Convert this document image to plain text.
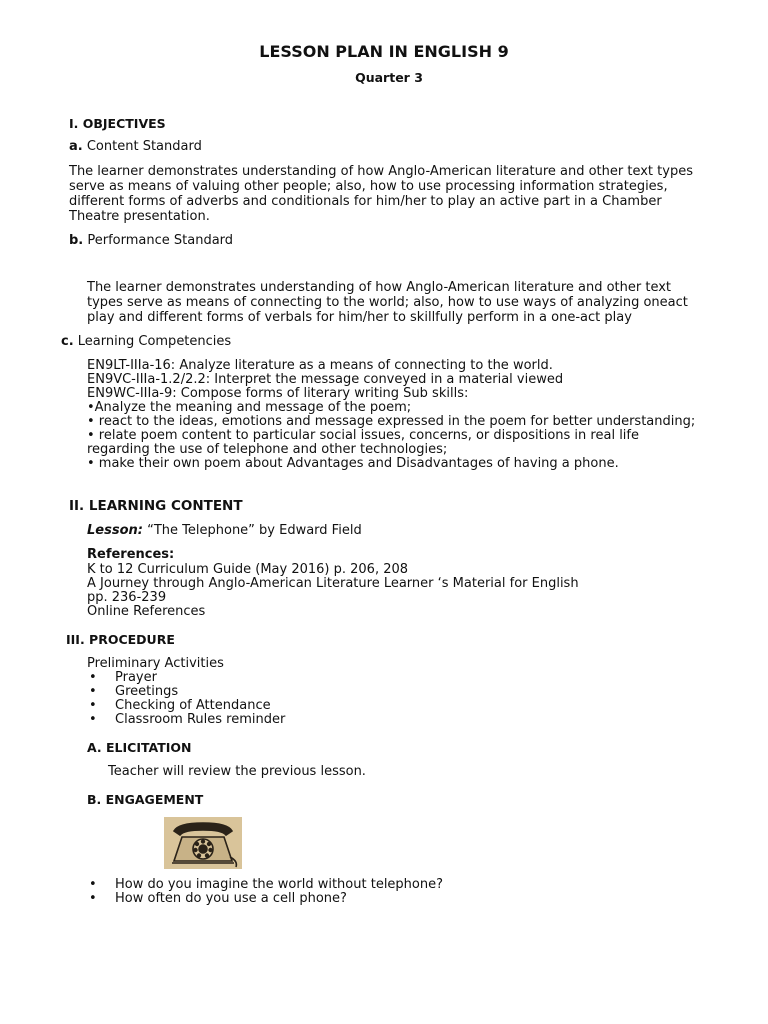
LESSON PLAN IN ENGLISH 9
Quarter 3
I. OBJECTIVES
a. Content Standard
The learner demonstrates understanding of how Anglo-American literature and other text types
serve as means of valuing other people; also, how to use processing information strategies,
different forms of adverbs and conditionals for him/her to play an active part in a Chamber
Theatre presentation.
b. Performance Standard
The learner demonstrates understanding of how Anglo-American literature and other text
types serve as means of connecting to the world; also, how to use ways of analyzing oneact
play and different forms of verbals for him/her to skillfully perform in a one-act play
c. Learning Competencies
EN9LT-IIIa-16: Analyze literature as a means of connecting to the world.
EN9VC-IIIa-1.2/2.2: Interpret the message conveyed in a material viewed
EN9WC-IIIa-9: Compose forms of literary writing Sub skills:
•Analyze the meaning and message of the poem;
• react to the ideas, emotions and message expressed in the poem for better understanding;
• relate poem content to particular social issues, concerns, or dispositions in real life
regarding the use of telephone and other technologies;
• make their own poem about Advantages and Disadvantages of having a phone.
II. LEARNING CONTENT
Lesson: “The Telephone” by Edward Field
References:
K to 12 Curriculum Guide (May 2016) p. 206, 208
A Journey through Anglo-American Literature Learner ‘s Material for English
pp. 236-239
Online References
III. PROCEDURE
Preliminary Activities
• Prayer
• Greetings
• Checking of Attendance
• Classroom Rules reminder
A. ELICITATION
Teacher will review the previous lesson.
B. ENGAGEMENT
• How do you imagine the world without telephone?
• How often do you use a cell phone?
